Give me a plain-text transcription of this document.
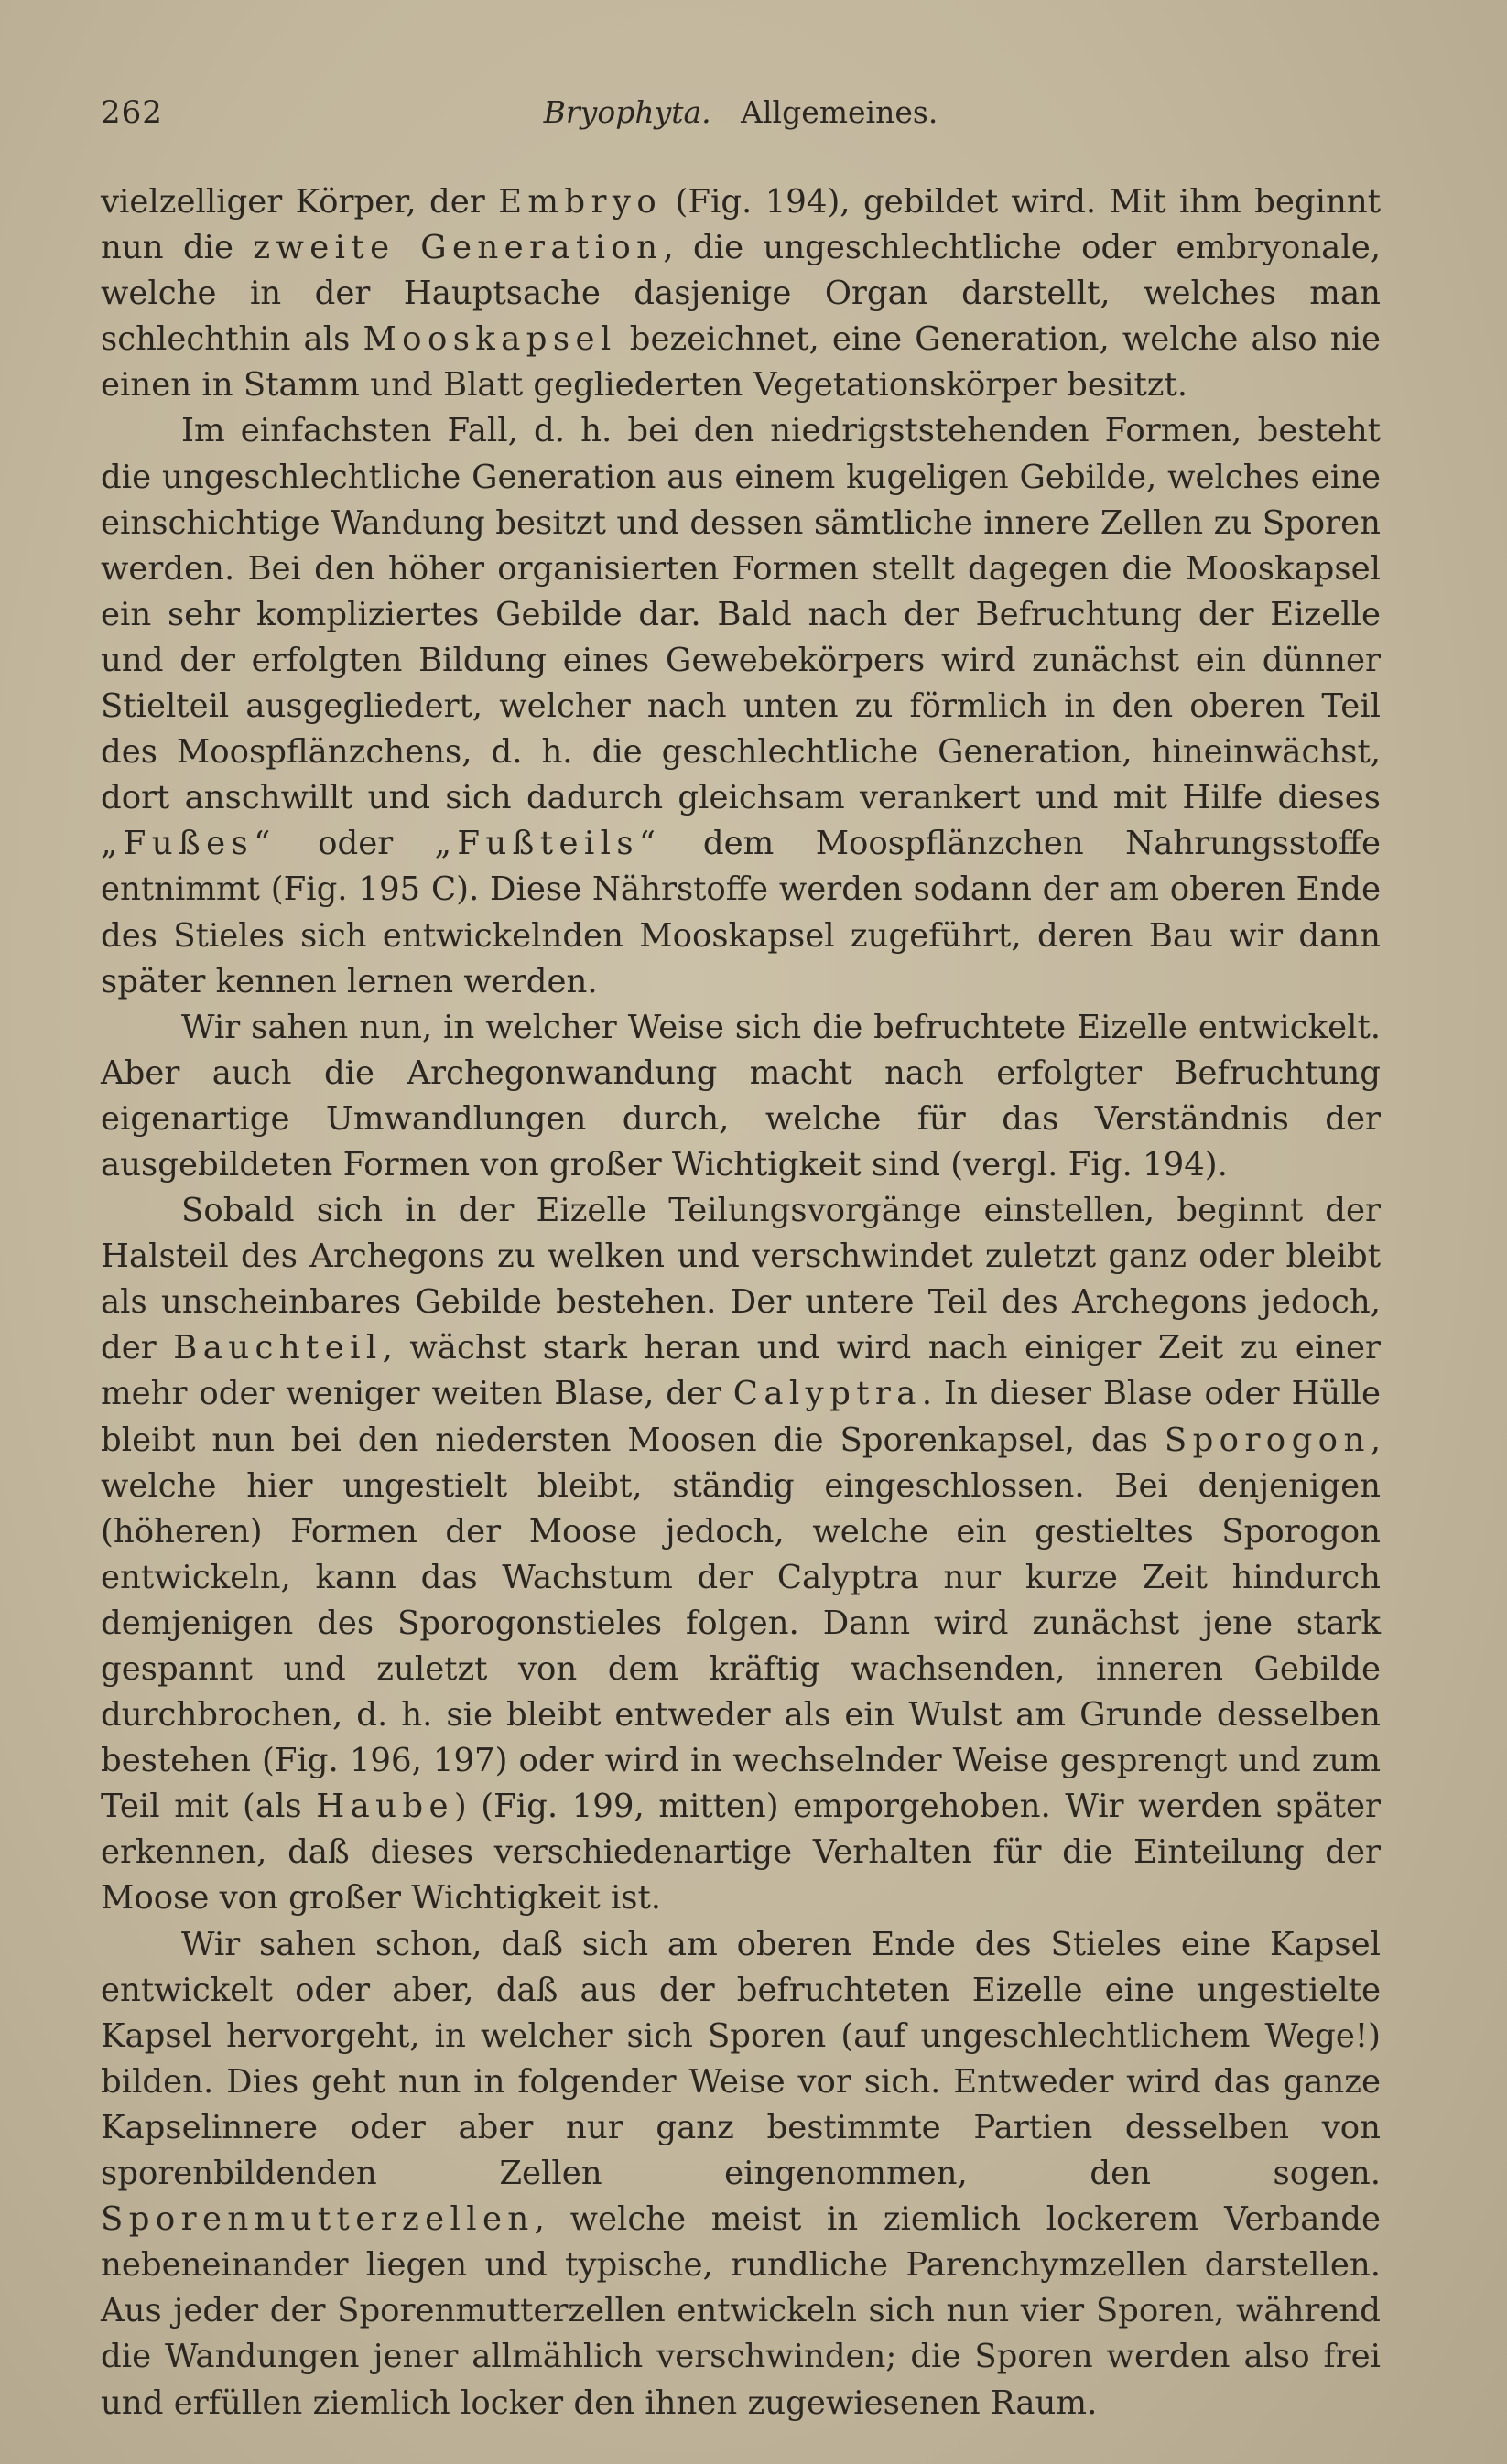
262	Bryophyta. Allgemeines.

vielzelliger Körper, der Embryo (Fig. 194), gebildet wird. Mit ihm beginnt nun die zweite Generation, die ungeschlechtliche oder embryonale, welche in der Hauptsache dasjenige Organ darstellt, welches man schlechthin als Mooskapsel bezeichnet, eine Generation, welche also nie einen in Stamm und Blatt gegliederten Vegetationskörper besitzt.

Im einfachsten Fall, d. h. bei den niedrigststehenden Formen, besteht die ungeschlechtliche Generation aus einem kugeligen Gebilde, welches eine einschichtige Wandung besitzt und dessen sämtliche innere Zellen zu Sporen werden. Bei den höher organisierten Formen stellt dagegen die Mooskapsel ein sehr kompliziertes Gebilde dar. Bald nach der Befruchtung der Eizelle und der erfolgten Bildung eines Gewebekörpers wird zunächst ein dünner Stielteil ausgegliedert, welcher nach unten zu förmlich in den oberen Teil des Moospflänzchens, d. h. die geschlechtliche Generation, hineinwächst, dort anschwillt und sich dadurch gleichsam verankert und mit Hilfe dieses „Fußes“ oder „Fußteils“ dem Moospflänzchen Nahrungsstoffe entnimmt (Fig. 195 C). Diese Nährstoffe werden sodann der am oberen Ende des Stieles sich entwickelnden Mooskapsel zugeführt, deren Bau wir dann später kennen lernen werden.

Wir sahen nun, in welcher Weise sich die befruchtete Eizelle entwickelt. Aber auch die Archegonwandung macht nach erfolgter Befruchtung eigenartige Umwandlungen durch, welche für das Verständnis der ausgebildeten Formen von großer Wichtigkeit sind (vergl. Fig. 194).

Sobald sich in der Eizelle Teilungsvorgänge einstellen, beginnt der Halsteil des Archegons zu welken und verschwindet zuletzt ganz oder bleibt als unscheinbares Gebilde bestehen. Der untere Teil des Archegons jedoch, der Bauchteil, wächst stark heran und wird nach einiger Zeit zu einer mehr oder weniger weiten Blase, der Calyptra. In dieser Blase oder Hülle bleibt nun bei den niedersten Moosen die Sporenkapsel, das Sporogon, welche hier ungestielt bleibt, ständig eingeschlossen. Bei denjenigen (höheren) Formen der Moose jedoch, welche ein gestieltes Sporogon entwickeln, kann das Wachstum der Calyptra nur kurze Zeit hindurch demjenigen des Sporogonstieles folgen. Dann wird zunächst jene stark gespannt und zuletzt von dem kräftig wachsenden, inneren Gebilde durchbrochen, d. h. sie bleibt entweder als ein Wulst am Grunde desselben bestehen (Fig. 196, 197) oder wird in wechselnder Weise gesprengt und zum Teil mit (als Haube) (Fig. 199, mitten) emporgehoben. Wir werden später erkennen, daß dieses verschiedenartige Verhalten für die Einteilung der Moose von großer Wichtigkeit ist.

Wir sahen schon, daß sich am oberen Ende des Stieles eine Kapsel entwickelt oder aber, daß aus der befruchteten Eizelle eine ungestielte Kapsel hervorgeht, in welcher sich Sporen (auf ungeschlechtlichem Wege!) bilden. Dies geht nun in folgender Weise vor sich. Entweder wird das ganze Kapselinnere oder aber nur ganz bestimmte Partien desselben von sporenbildenden Zellen eingenommen, den sogen. Sporenmutterzellen, welche meist in ziemlich lockerem Verbande nebeneinander liegen und typische, rundliche Parenchymzellen darstellen. Aus jeder der Sporenmutterzellen entwickeln sich nun vier Sporen, während die Wandungen jener allmählich verschwinden; die Sporen werden also frei und erfüllen ziemlich locker den ihnen zugewiesenen Raum.
